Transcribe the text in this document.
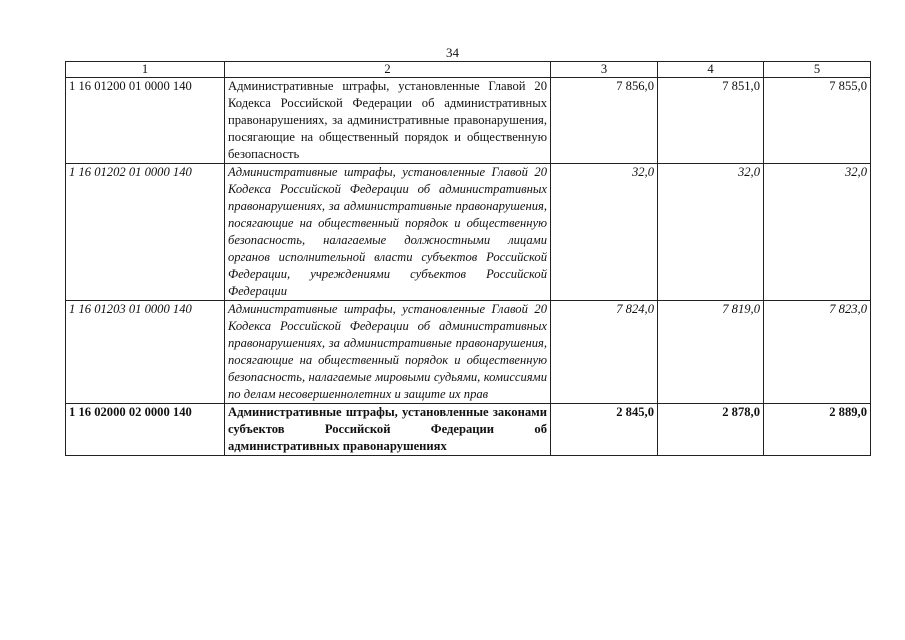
34
1	2	3	4	5
1 16 01200 01 0000 140	Административные штрафы, установленные Главой 20 Кодекса Российской Федерации об административных правонарушениях, за административные правонарушения, посягающие на общественный порядок и общественную безопасность	7 856,0	7 851,0	7 855,0
1 16 01202 01 0000 140	Административные штрафы, установленные Главой 20 Кодекса Российской Федерации об административных правонарушениях, за административные правонарушения, посягающие на общественный порядок и общественную безопасность, налагаемые должностными лицами органов исполнительной власти субъектов Российской Федерации, учреждениями субъектов Российской Федерации	32,0	32,0	32,0
1 16 01203 01 0000 140	Административные штрафы, установленные Главой 20 Кодекса Российской Федерации об административных правонарушениях, за административные правонарушения, посягающие на общественный порядок и общественную безопасность, налагаемые мировыми судьями, комиссиями по делам несовершеннолетних и защите их прав	7 824,0	7 819,0	7 823,0
1 16 02000 02 0000 140	Административные штрафы, установленные законами субъектов Российской Федерации об административных правонарушениях	2 845,0	2 878,0	2 889,0
